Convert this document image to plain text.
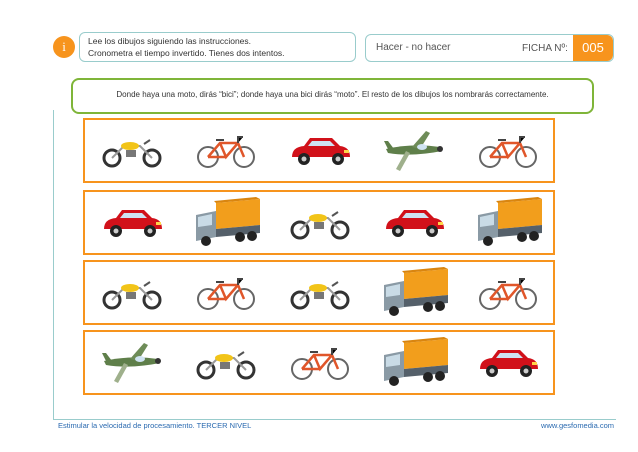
i	Lee los dibujos siguiendo las instrucciones.
Cronometra el tiempo invertido. Tienes dos intentos.	Hacer - no hacer	FICHA Nº:	005
Donde haya una moto, dirás “bici”; donde haya una bici dirás “moto”. El resto de los dibujos los nombrarás correctamente.
Estimular la velocidad de procesamiento. TERCER NIVEL	www.gesfomedia.com
